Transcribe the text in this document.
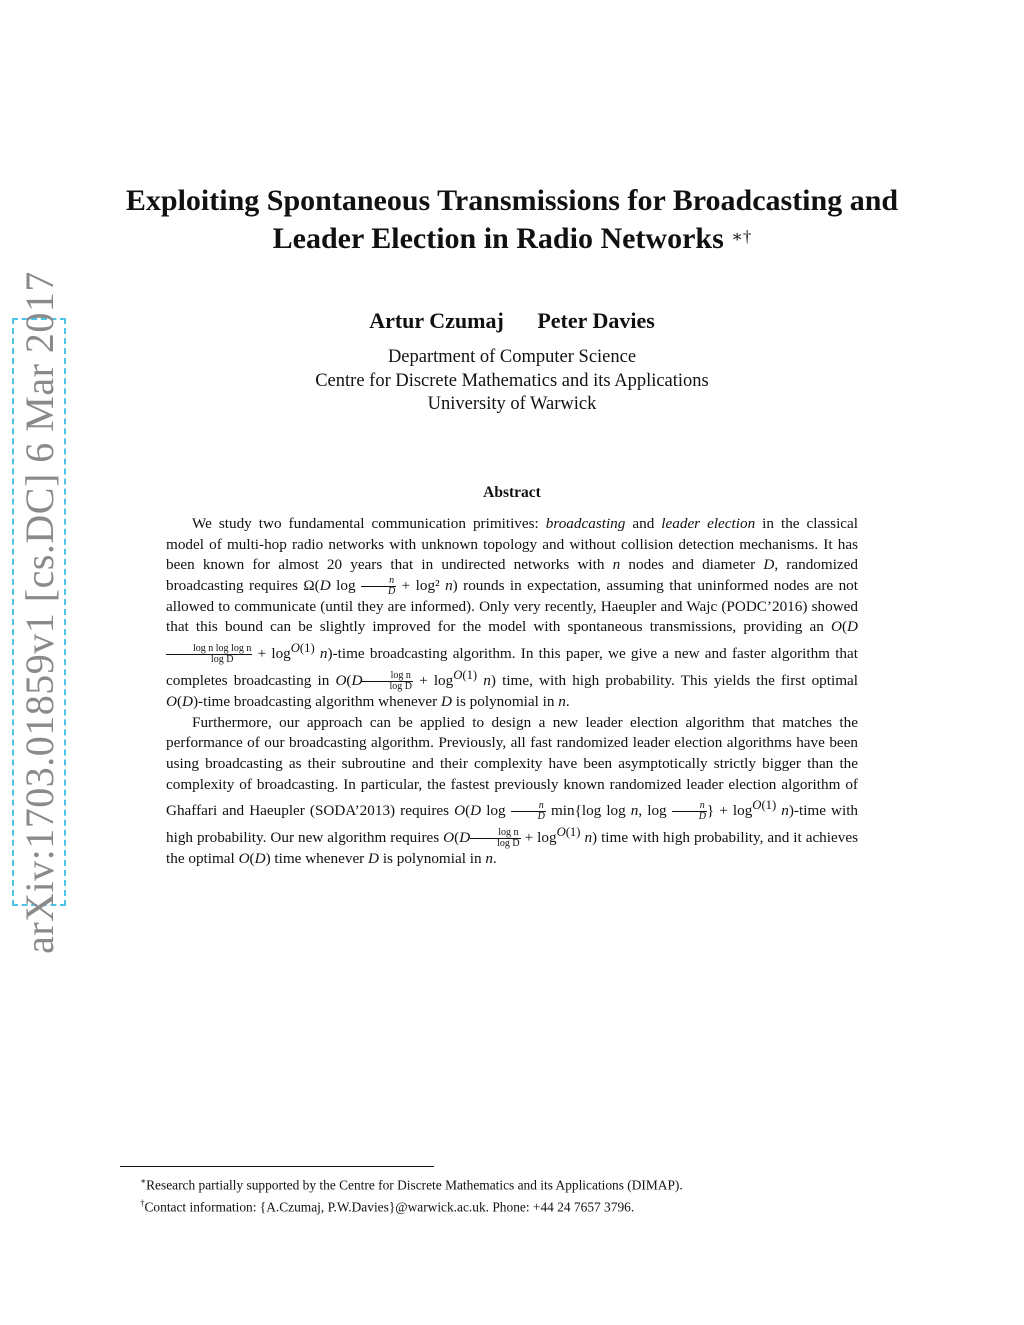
arXiv:1703.01859v1 [cs.DC] 6 Mar 2017
Exploiting Spontaneous Transmissions for Broadcasting and
Leader Election in Radio Networks ∗†
Artur Czumaj Peter Davies
Department of Computer Science
Centre for Discrete Mathematics and its Applications
University of Warwick
Abstract

We study two fundamental communication primitives: broadcasting and leader election in the classical model of multi-hop radio networks with unknown topology and without collision detection mechanisms. It has been known for almost 20 years that in undirected networks with n nodes and diameter D, randomized broadcasting requires Ω(D $\log \frac{n}{D} + \log^2$ n) rounds in expectation, assuming that uninformed nodes are not allowed to communicate (until they are informed). Only very recently, Haeupler and Wajc (PODC’2016) showed that this bound can be slightly improved for the model with spontaneous transmissions, providing an O(D
$\frac{\text{log n log log n}}{\text{log D}} + \log^{O(1)}$ n)-time broadcasting algorithm. In this paper, we give a new and faster algorithm that completes broadcasting in $O(D \frac{\text{log n}}{\text{log D}} + \log^{O(1)} n)$ time, with high probability. This yields the first optimal O(D)-time broadcasting algorithm whenever D is polynomial in n.

Furthermore, our approach can be applied to design a new leader election algorithm that matches the performance of our broadcasting algorithm. Previously, all fast randomized leader election algorithms have been using broadcasting as their subroutine and their complexity have been asymptotically strictly bigger than the complexity of broadcasting. In particular, the fastest previously known randomized leader election algorithm of Ghaffari and Haeupler (SODA’2013) requires O(D $\log \frac{n}{D} \min\{\log$ log n, $\log \frac{n}{D}$ } + $\log^{O(1)}$ n)-time with high probability. Our new algorithm requires $O(D \frac{\text{log n}}{\text{log D}} + \log^{O(1)} n)$ time with high probability, and it achieves the optimal O(D) time whenever D is polynomial in n.

∗Research partially supported by the Centre for Discrete Mathematics and its Applications (DIMAP).
†Contact information: {A.Czumaj, P.W.Davies}@warwick.ac.uk. Phone: +44 24 7657 3796.
